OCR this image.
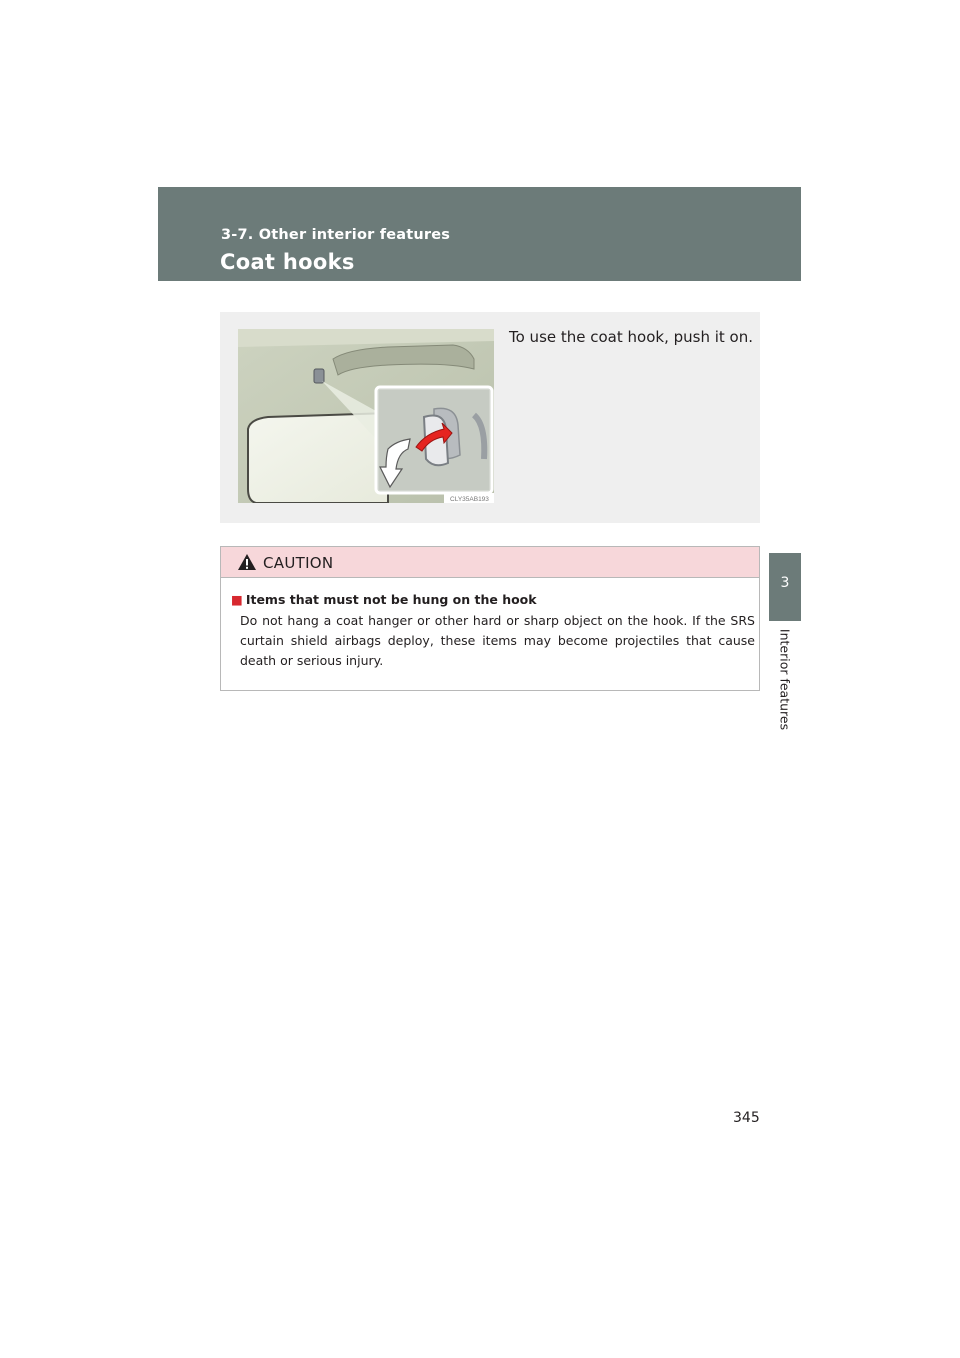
3-7. Other interior features
Coat hooks
3
Interior features
CLY35AB193
To use the coat hook, push it on.
CAUTION
■ Items that must not be hung on the hook
Do not hang a coat hanger or other hard or sharp object on the hook. If the SRS curtain shield airbags deploy, these items may become projectiles that cause death or serious injury.
345
